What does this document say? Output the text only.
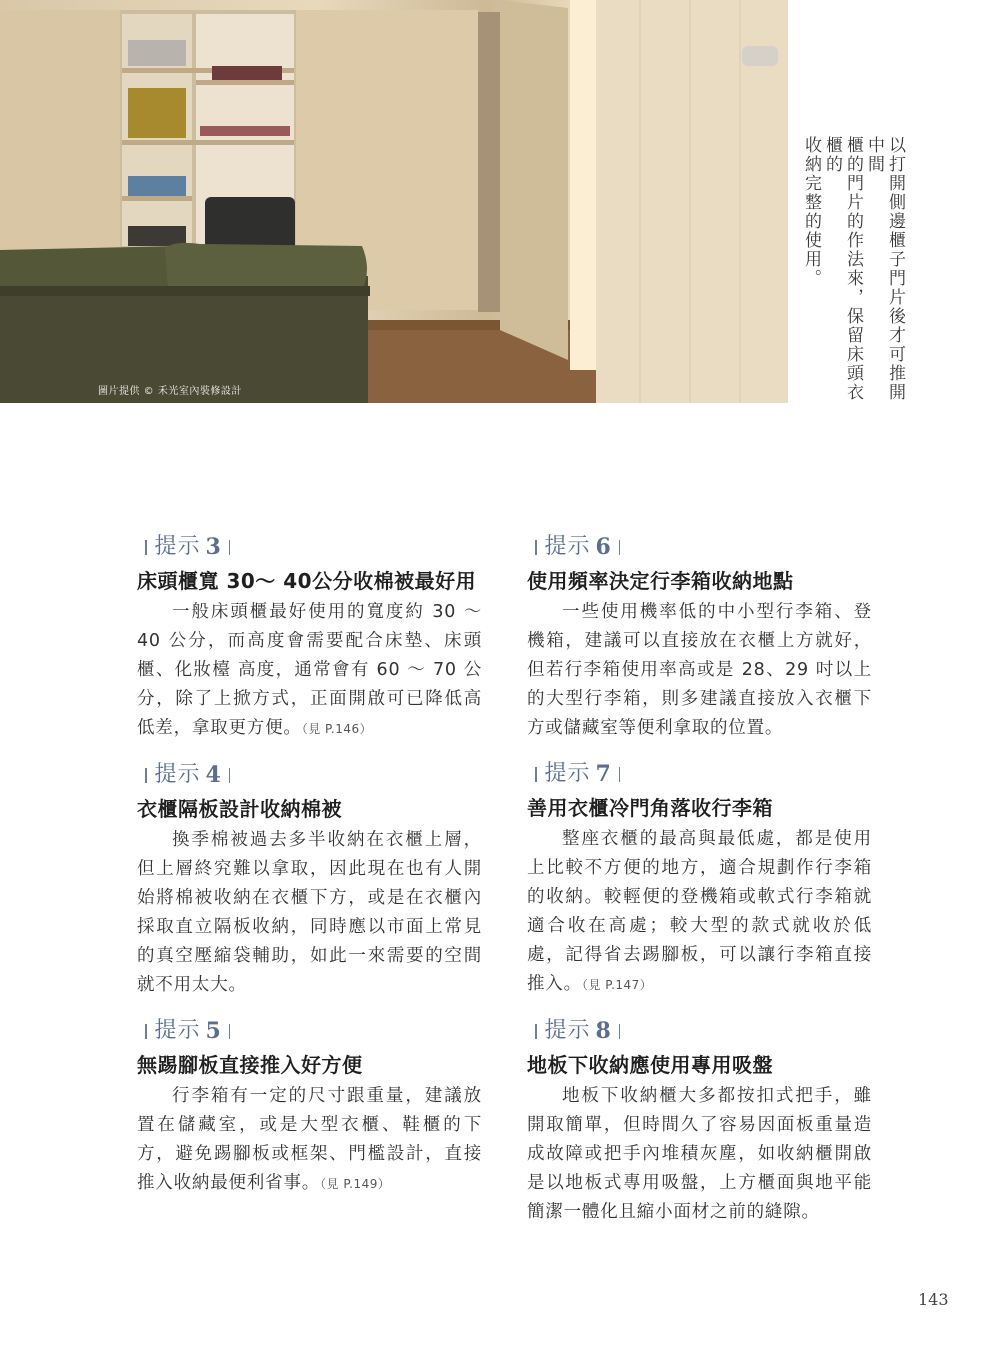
圖片提供 © 禾光室內裝修設計	以打開側邊櫃子門片後才可推開中間
櫃的門片的作法來，保留床頭衣櫃的
收納完整的使用。
提示 3
床頭櫃寬 30～ 40公分收棉被最好用
一般床頭櫃最好使用的寬度約 30 ～ 40 公分，而高度會需要配合床墊、床頭櫃、化妝檯 高度，通常會有 60 ～ 70 公分，除了上掀方式，正面開啟可已降低高低差，拿取更方便。（見 P.146）
提示 4
衣櫃隔板設計收納棉被
換季棉被過去多半收納在衣櫃上層，但上層終究難以拿取，因此現在也有人開始將棉被收納在衣櫃下方，或是在衣櫃內採取直立隔板收納，同時應以市面上常見的真空壓縮袋輔助，如此一來需要的空間就不用太大。
提示 5
無踢腳板直接推入好方便
行李箱有一定的尺寸跟重量，建議放置在儲藏室，或是大型衣櫃、鞋櫃的下方，避免踢腳板或框架、門檻設計，直接推入收納最便利省事。（見 P.149）
提示 6
使用頻率決定行李箱收納地點
一些使用機率低的中小型行李箱、登機箱，建議可以直接放在衣櫃上方就好，但若行李箱使用率高或是 28、29 吋以上的大型行李箱，則多建議直接放入衣櫃下方或儲藏室等便利拿取的位置。
提示 7
善用衣櫃冷門角落收行李箱
整座衣櫃的最高與最低處，都是使用上比較不方便的地方，適合規劃作行李箱的收納。較輕便的登機箱或軟式行李箱就適合收在高處；較大型的款式就收於低處，記得省去踢腳板，可以讓行李箱直接推入。（見 P.147）
提示 8
地板下收納應使用專用吸盤
地板下收納櫃大多都按扣式把手，雖開取簡單，但時間久了容易因面板重量造成故障或把手內堆積灰塵，如收納櫃開啟是以地板式專用吸盤，上方櫃面與地平能簡潔一體化且縮小面材之前的縫隙。
143
